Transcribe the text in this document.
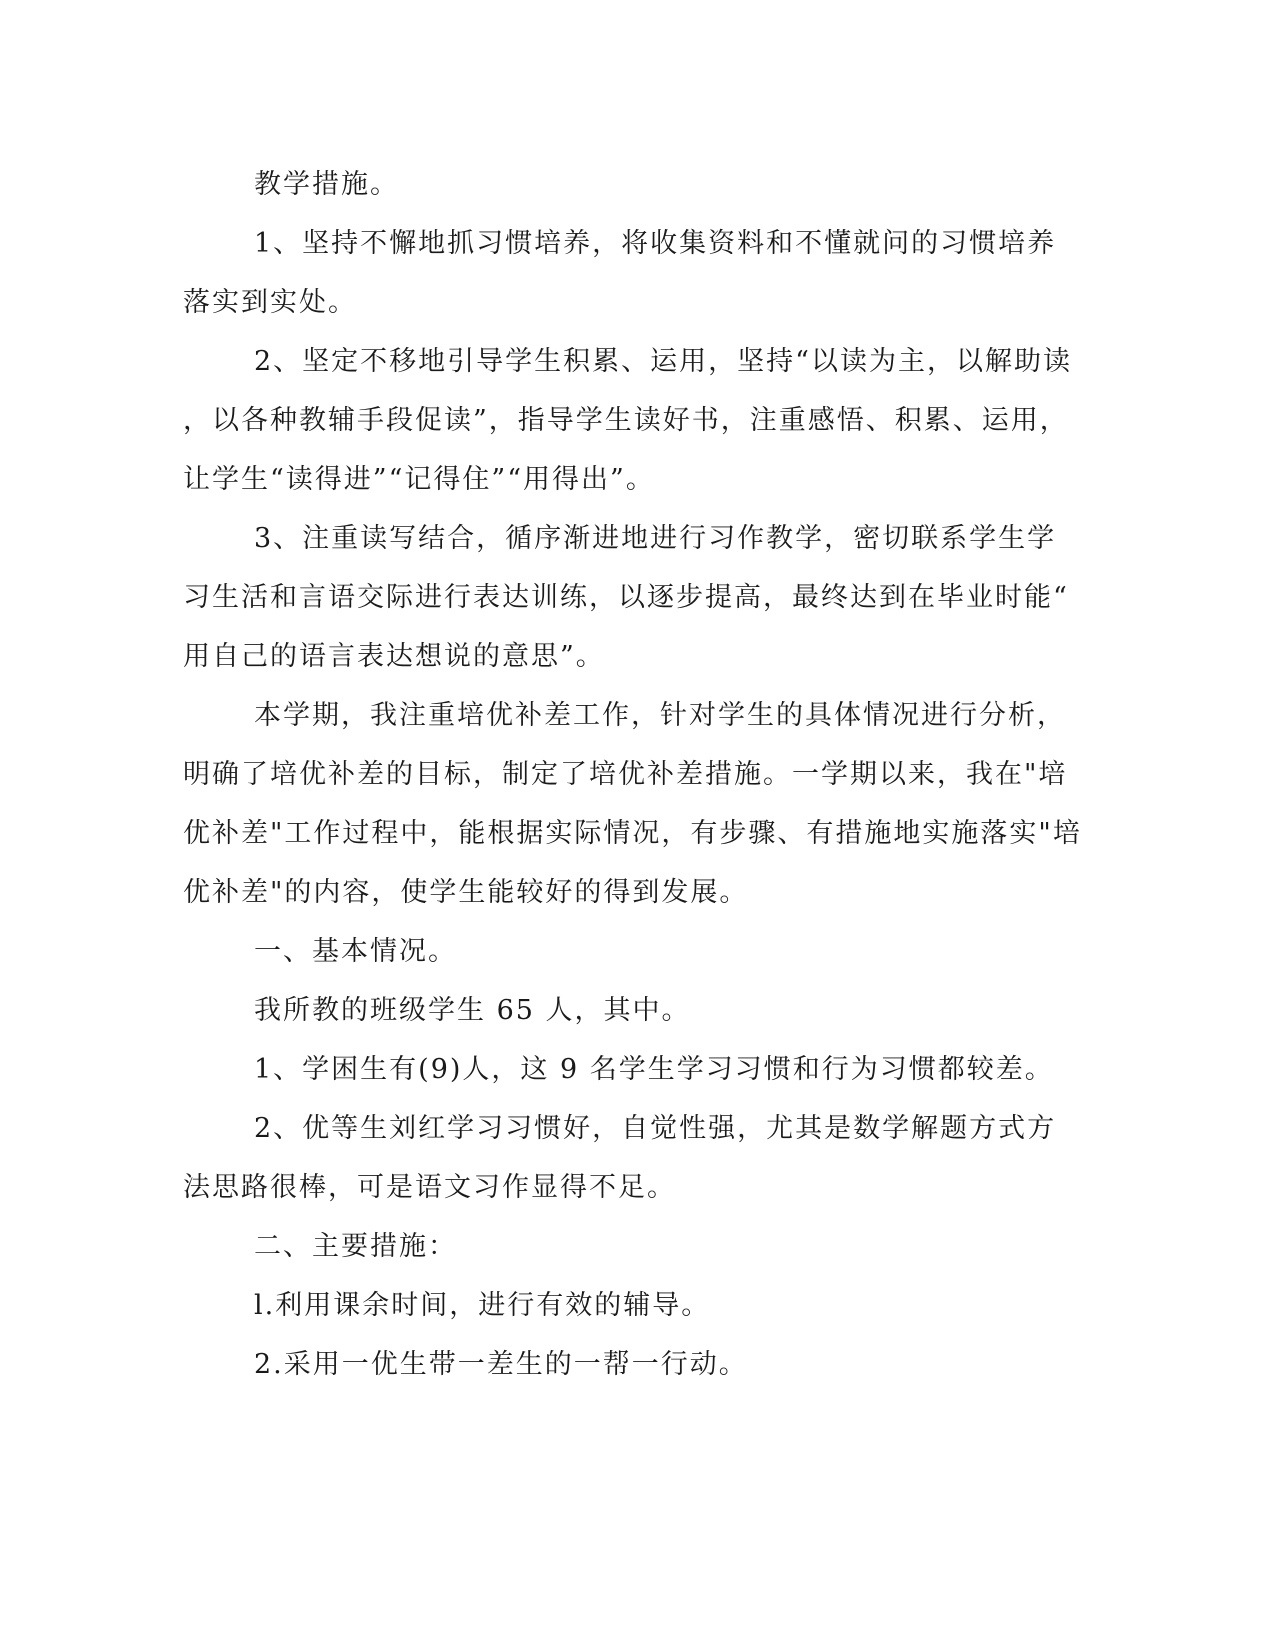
教学措施。
1、坚持不懈地抓习惯培养，将收集资料和不懂就问的习惯培养
落实到实处。
2、坚定不移地引导学生积累、运用，坚持“以读为主，以解助读
，以各种教辅手段促读”，指导学生读好书，注重感悟、积累、运用，
让学生“读得进”“记得住”“用得出”。
3、注重读写结合，循序渐进地进行习作教学，密切联系学生学
习生活和言语交际进行表达训练，以逐步提高，最终达到在毕业时能“
用自己的语言表达想说的意思”。
本学期，我注重培优补差工作，针对学生的具体情况进行分析，
明确了培优补差的目标，制定了培优补差措施。一学期以来，我在"培
优补差"工作过程中，能根据实际情况，有步骤、有措施地实施落实"培
优补差"的内容，使学生能较好的得到发展。
一、基本情况。
我所教的班级学生 65 人，其中。
1、学困生有(9)人，这 9 名学生学习习惯和行为习惯都较差。
2、优等生刘红学习习惯好，自觉性强，尤其是数学解题方式方
法思路很棒，可是语文习作显得不足。
二、主要措施：
l.利用课余时间，进行有效的辅导。
2.采用一优生带一差生的一帮一行动。
